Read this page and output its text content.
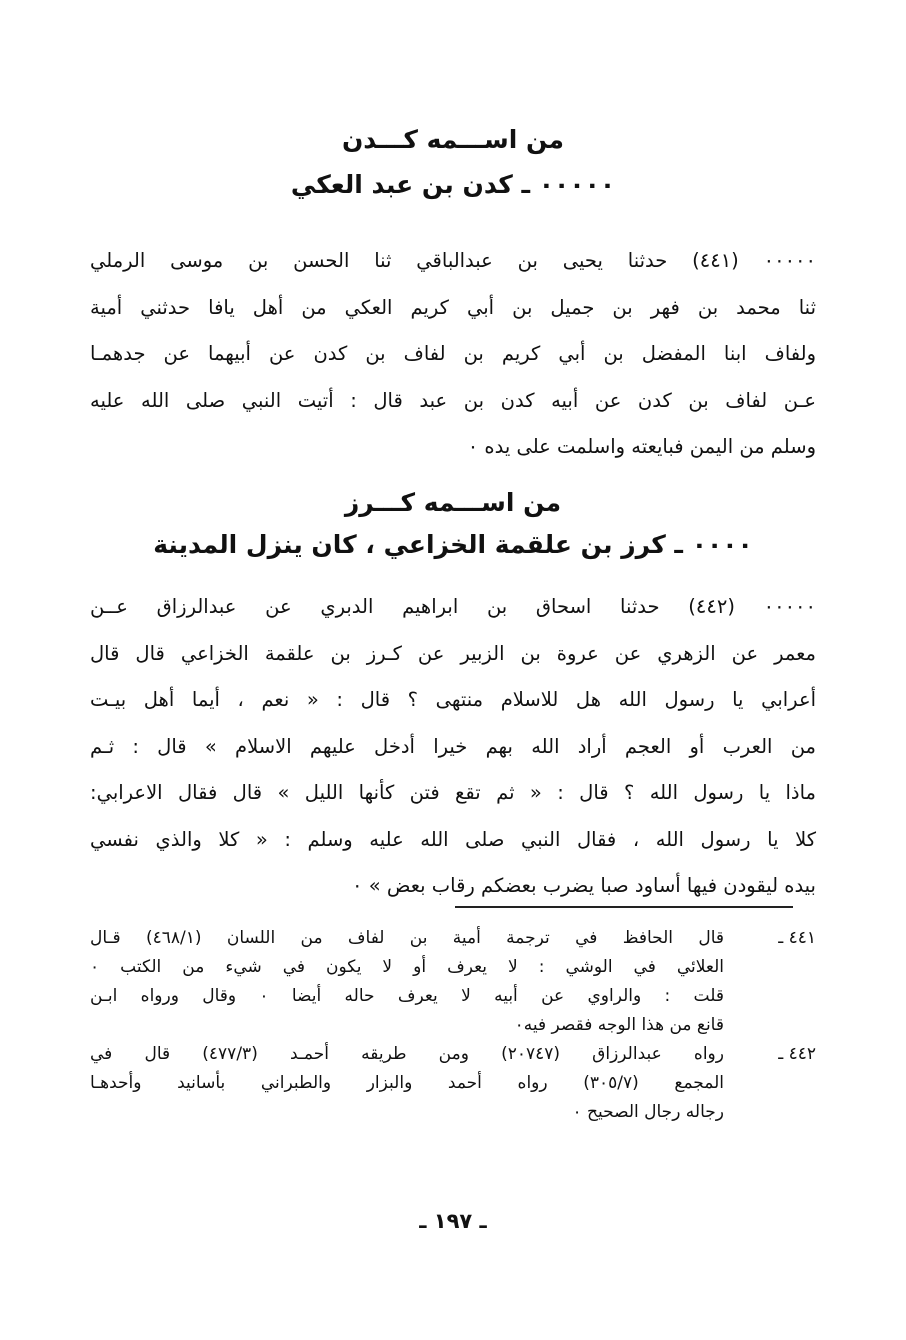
من اســـمه كـــدن
٠٠٠٠٠ ـ كدن بن عبد العكي
٠٠٠٠٠ (٤٤١) حدثنا يحيى بن عبدالباقي ثنا الحسن بن موسى الرملي
ثنا محمد بن فهر بن جميل بن أبي كريم العكي من أهل يافا حدثني أمية
ولفاف ابنا المفضل بن أبي كريم بن لفاف بن كدن عن أبيهما عن جدهمـا
عـن لفاف بن كدن عن أبيه كدن بن عبد قال : أتيت النبي صلى الله عليه
وسلم من اليمن فبايعته واسلمت على يده ٠
من اســـمه كـــرز
٠٠٠٠ ـ كرز بن علقمة الخزاعي ، كان ينزل المدينة
٠٠٠٠٠ (٤٤٢) حدثنا اسحاق بن ابراهيم الدبري عن عبدالرزاق عــن
معمر عن الزهري عن عروة بن الزبير عن كـرز بن علقمة الخزاعي قال قال
أعرابي يا رسول الله هل للاسلام منتهى ؟ قال : « نعم ، أيما أهل بيـت
من العرب أو العجم أراد الله بهم خيرا أدخل عليهم الاسلام » قال : ثـم
ماذا يا رسول الله ؟ قال : « ثم تقع فتن كأنها الليل » قال فقال الاعرابي:
كلا يا رسول الله ، فقال النبي صلى الله عليه وسلم : « كلا والذي نفسي
بيده ليقودن فيها أساود صبا يضرب بعضكم رقاب بعض » ٠
٤٤١ ـ
قال الحافظ في ترجمة أمية بن لفاف من اللسان (٤٦٨/١) قـال
العلائي في الوشي : لا يعرف أو لا يكون في شيء من الكتب ٠
قلت : والراوي عن أبيه لا يعرف حاله أيضا ٠ وقال ورواه ابـن
قانع من هذا الوجه فقصر فيه٠
٤٤٢ ـ
رواه عبدالرزاق (٢٠٧٤٧) ومن طريقه أحمـد (٤٧٧/٣) قال في
المجمع (٣٠٥/٧) رواه أحمد والبزار والطبراني بأسانيد وأحدهـا
رجاله رجال الصحيح ٠
ـ ١٩٧ ـ
